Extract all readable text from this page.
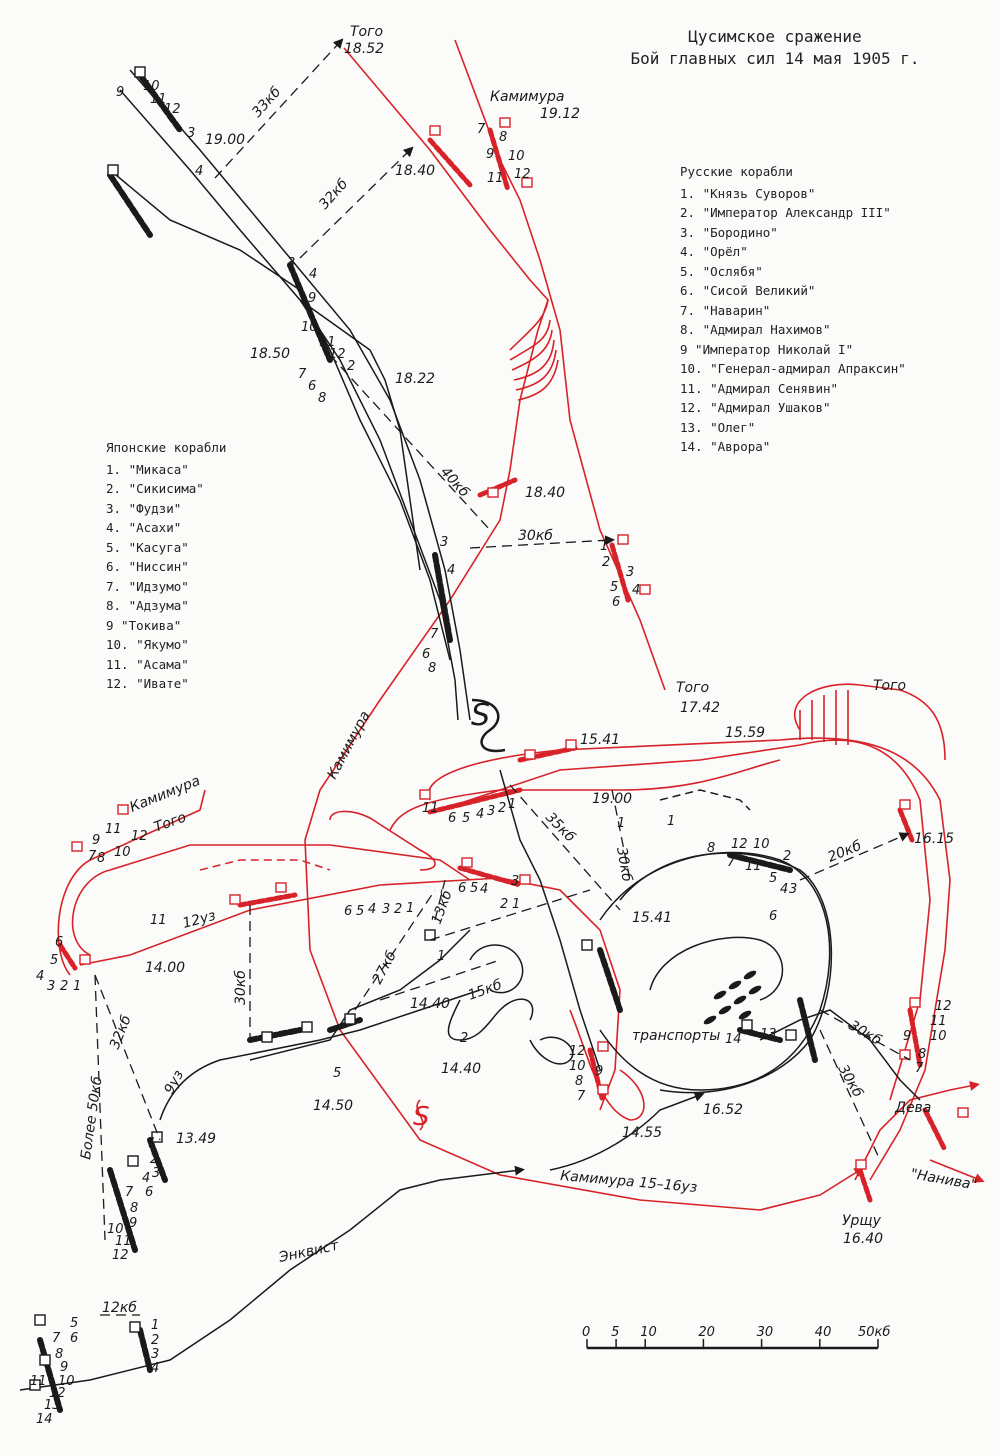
Цусимское сражение
Бой главных сил 14 мая 1905 г.
Русские корабли
1. "Князь Суворов"
2. "Император Александр III"
3. "Бородино"
4. "Орёл"
5. "Ослябя"
6. "Сисой Великий"
7. "Наварин"
8. "Адмирал Нахимов"
9 "Император Николай I"
10. "Генерал-адмирал Апраксин"
11. "Адмирал Сенявин"
12. "Адмирал Ушаков"
13. "Олег"
14. "Аврора"
Японские корабли
1. "Микаса"
2. "Сикисима"
3. "Фудзи"
4. "Асахи"
5. "Касуга"
6. "Ниссин"
7. "Идзумо"
8. "Адзума"
9 "Токива"
10. "Якумо"
11. "Асама"
12. "Ивате"
0 5 10	20	30	40 50кб
Того
18.52
Камимура
19.12
19.00
33кб
32кб
18.40
18.50
18.22
40кб	18.40
30кб
Того
17.42
Камимура	15.41	15.59
Того
19.00
35кб
30кб	20кб	16.15
Камимура
Того
12уз
14.00
13кб
27кб
30кб
15.41
14.40
15кб
14.40
14.50
транспорты	30кб
30кб
Дева
"Нанива"
Урщу
16.40
16.52
14.55
Камимура 15–16уз
Более 50кб
32кб
9уз
13.49
Энквист
12кб
S
S
9 10
11
12
3
4
3
4
9
10
11
12
2
7
6
8
3
4
7
6
8
7
8
9 10
11 12
1
2
3
5
6
4
11
6 5 4 3 2 1
6 5 4 3 2 1
6 5 4
3
2 1
11
6
5
4
3 2 1
9
11
7 8 10
12
8 12 10
2
7 11
5
4 3
6
1
1
12
11
10
9
8
7
14 13
12
10
8
7
9
2
5
1
1
2
3
4
6
7
8
9
10
11
12
1
2
3
4
5
6
7
8
9
10
11
12
13
14
